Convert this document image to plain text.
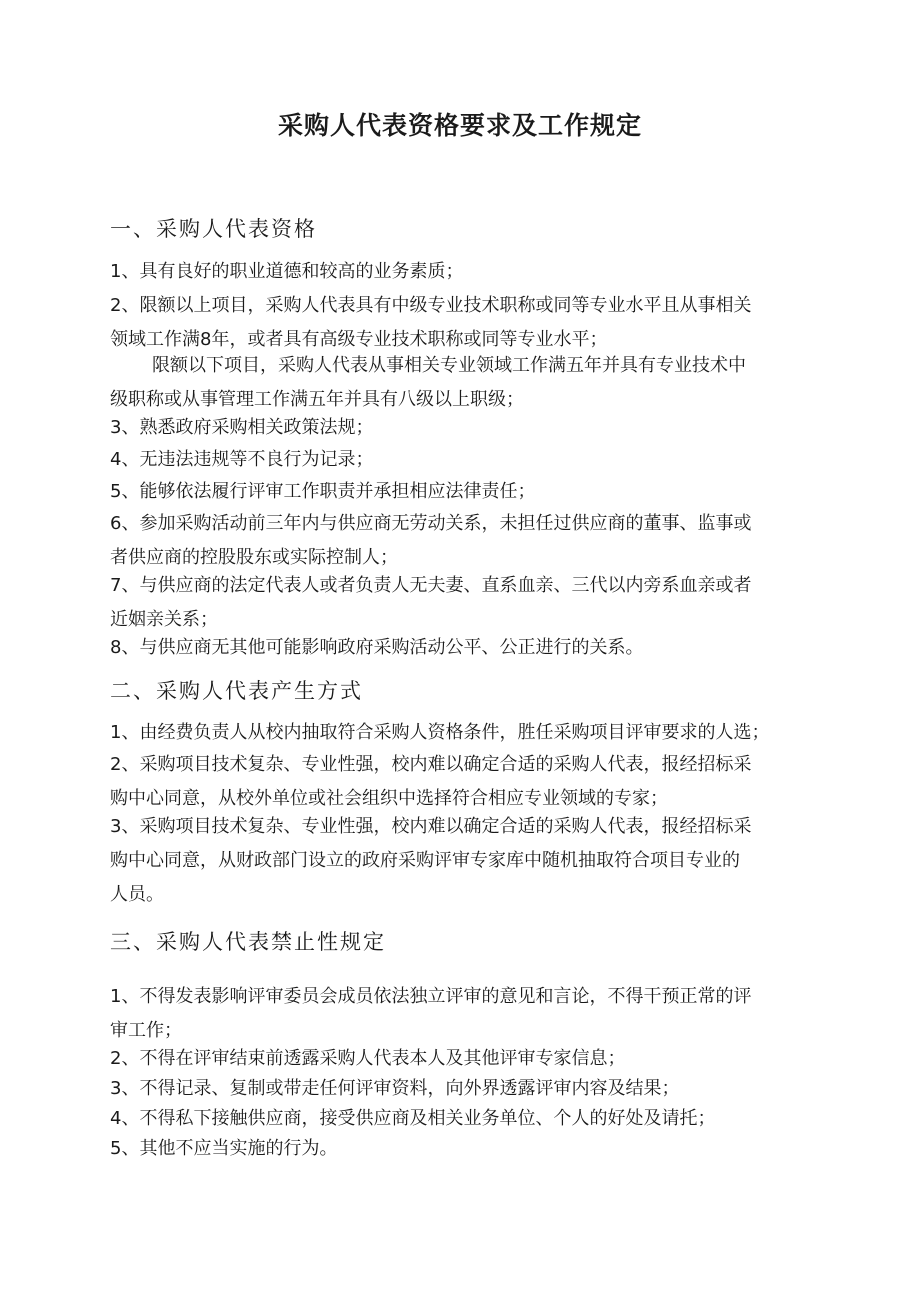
采购人代表资格要求及工作规定
一、采购人代表资格

1、具有良好的职业道德和较高的业务素质；

2、限额以上项目，采购人代表具有中级专业技术职称或同等专业水平且从事相关
领域工作满8年，或者具有高级专业技术职称或同等专业水平；

限额以下项目，采购人代表从事相关专业领域工作满五年并具有专业技术中
级职称或从事管理工作满五年并具有八级以上职级；

3、熟悉政府采购相关政策法规；

4、无违法违规等不良行为记录；

5、能够依法履行评审工作职责并承担相应法律责任；

6、参加采购活动前三年内与供应商无劳动关系，未担任过供应商的董事、监事或
者供应商的控股股东或实际控制人；

7、与供应商的法定代表人或者负责人无夫妻、直系血亲、三代以内旁系血亲或者
近姻亲关系；

8、与供应商无其他可能影响政府采购活动公平、公正进行的关系。

二、采购人代表产生方式

1、由经费负责人从校内抽取符合采购人资格条件，胜任采购项目评审要求的人选；

2、采购项目技术复杂、专业性强，校内难以确定合适的采购人代表，报经招标采
购中心同意，从校外单位或社会组织中选择符合相应专业领域的专家；

3、采购项目技术复杂、专业性强，校内难以确定合适的采购人代表，报经招标采
购中心同意，从财政部门设立的政府采购评审专家库中随机抽取符合项目专业的
人员。

三、采购人代表禁止性规定

1、不得发表影响评审委员会成员依法独立评审的意见和言论，不得干预正常的评
审工作；

2、不得在评审结束前透露采购人代表本人及其他评审专家信息；

3、不得记录、复制或带走任何评审资料，向外界透露评审内容及结果；

4、不得私下接触供应商，接受供应商及相关业务单位、个人的好处及请托；

5、其他不应当实施的行为。
